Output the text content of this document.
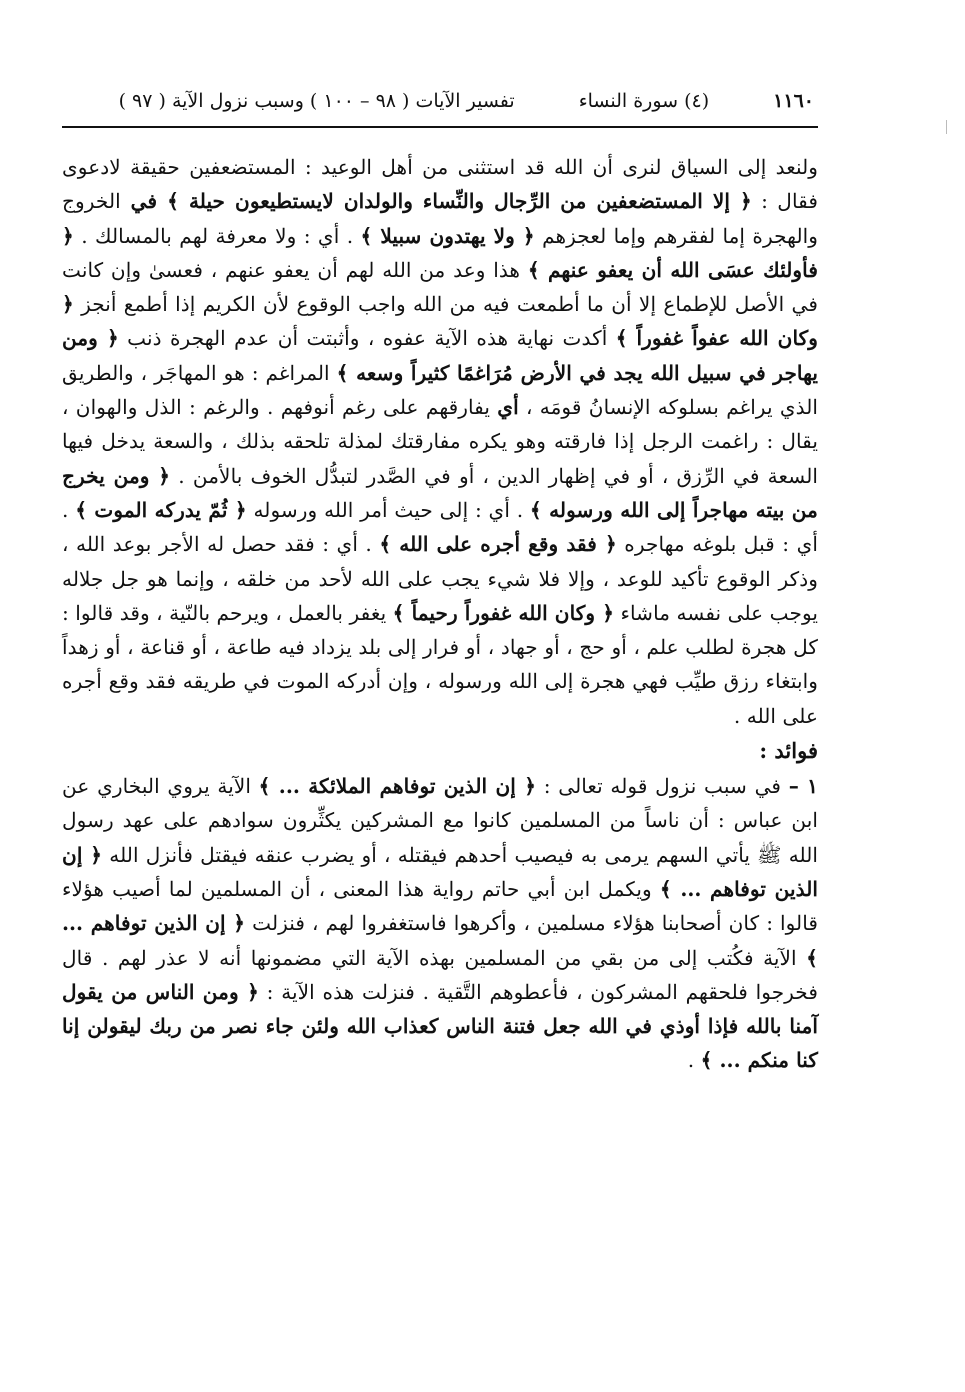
١١٦٠
(٤) سورة النساء
تفسير الآيات ( ٩٨ – ١٠٠ ) وسبب نزول الآية ( ٩٧ )

ولنعد إلى السياق لنرى أن الله قد استثنى من أهل الوعيد : المستضعفين حقيقة لادعوى فقال : ﴿ إلا المستضعفين من الرِّجال والنِّساء والولدان لايستطيعون حيلة ﴾ في الخروج والهجرة إما لفقرهم وإما لعجزهم ﴿ ولا يهتدون سبيلا ﴾ . أي : ولا معرفة لهم بالمسالك . ﴿ فأولئك عسَى الله أن يعفو عنهم ﴾ هذا وعد من الله لهم أن يعفو عنهم ، فعسىٰ وإن كانت في الأصل للإطماع إلا أن ما أطمعت فيه من الله واجب الوقوع لأن الكريم إذا أطمع أنجز ﴿ وكان الله عفواً غفوراً ﴾ أكدت نهاية هذه الآية عفوه ، وأثبتت أن عدم الهجرة ذنب ﴿ ومن يهاجر في سبيل الله يجد في الأرض مُرَاغمًا كثيراً وسعه ﴾ المراغم : هو المهاجَر ، والطريق الذي يراغم بسلوكه الإنسانُ قومَه ، أي يفارقهم على رغم أنوفهم . والرغم : الذل والهوان ، يقال : راغمت الرجل إذا فارقته وهو يكره مفارقتك لمذلة تلحقه بذلك ، والسعة يدخل فيها السعة في الرِّزق ، أو في إظهار الدين ، أو في الصَّدر لتبدُّل الخوف بالأمن . ﴿ ومن يخرج من بيته مهاجراً إلى الله ورسوله ﴾ . أي : إلى حيث أمر الله ورسوله ﴿ ثُمّ يدركه الموت ﴾ . أي : قبل بلوغه مهاجره ﴿ فقد وقع أجره على الله ﴾ . أي : فقد حصل له الأجر بوعد الله ، وذكر الوقوع تأكيد للوعد ، وإلا فلا شيء يجب على الله لأحد من خلقه ، وإنما هو جل جلاله يوجب على نفسه ماشاء ﴿ وكان الله غفوراً رحيماً ﴾ يغفر بالعمل ، ويرحم بالنّية ، وقد قالوا : كل هجرة لطلب علم ، أو حج ، أو جهاد ، أو فرار إلى بلد يزداد فيه طاعة ، أو قناعة ، أو زهداً وابتغاء رزق طيِّب فهي هجرة إلى الله ورسوله ، وإن أدركه الموت في طريقه فقد وقع أجره على الله .

فوائد :

١ – في سبب نزول قوله تعالى : ﴿ إن الذين توفاهم الملائكة ... ﴾ الآية يروي البخاري عن ابن عباس : أن ناساً من المسلمين كانوا مع المشركين يكثِّرون سوادهم على عهد رسول الله ﷺ يأتي السهم يرمى به فيصيب أحدهم فيقتله ، أو يضرب عنقه فيقتل فأنزل الله ﴿ إن الذين توفاهم ... ﴾ ويكمل ابن أبي حاتم رواية هذا المعنى ، أن المسلمين لما أصيب هؤلاء قالوا : كان أصحابنا هؤلاء مسلمين ، وأكرهوا فاستغفروا لهم ، فنزلت ﴿ إن الذين توفاهم ... ﴾ الآية فكُتب إلى من بقي من المسلمين بهذه الآية التي مضمونها أنه لا عذر لهم . قال فخرجوا فلحقهم المشركون ، فأعطوهم التَّقية . فنزلت هذه الآية : ﴿ ومن الناس من يقول آمنا بالله فإذا أوذي في الله جعل فتنة الناس كعذاب الله ولئن جاء نصر من ربك ليقولن إنا كنا منكم ... ﴾ .
